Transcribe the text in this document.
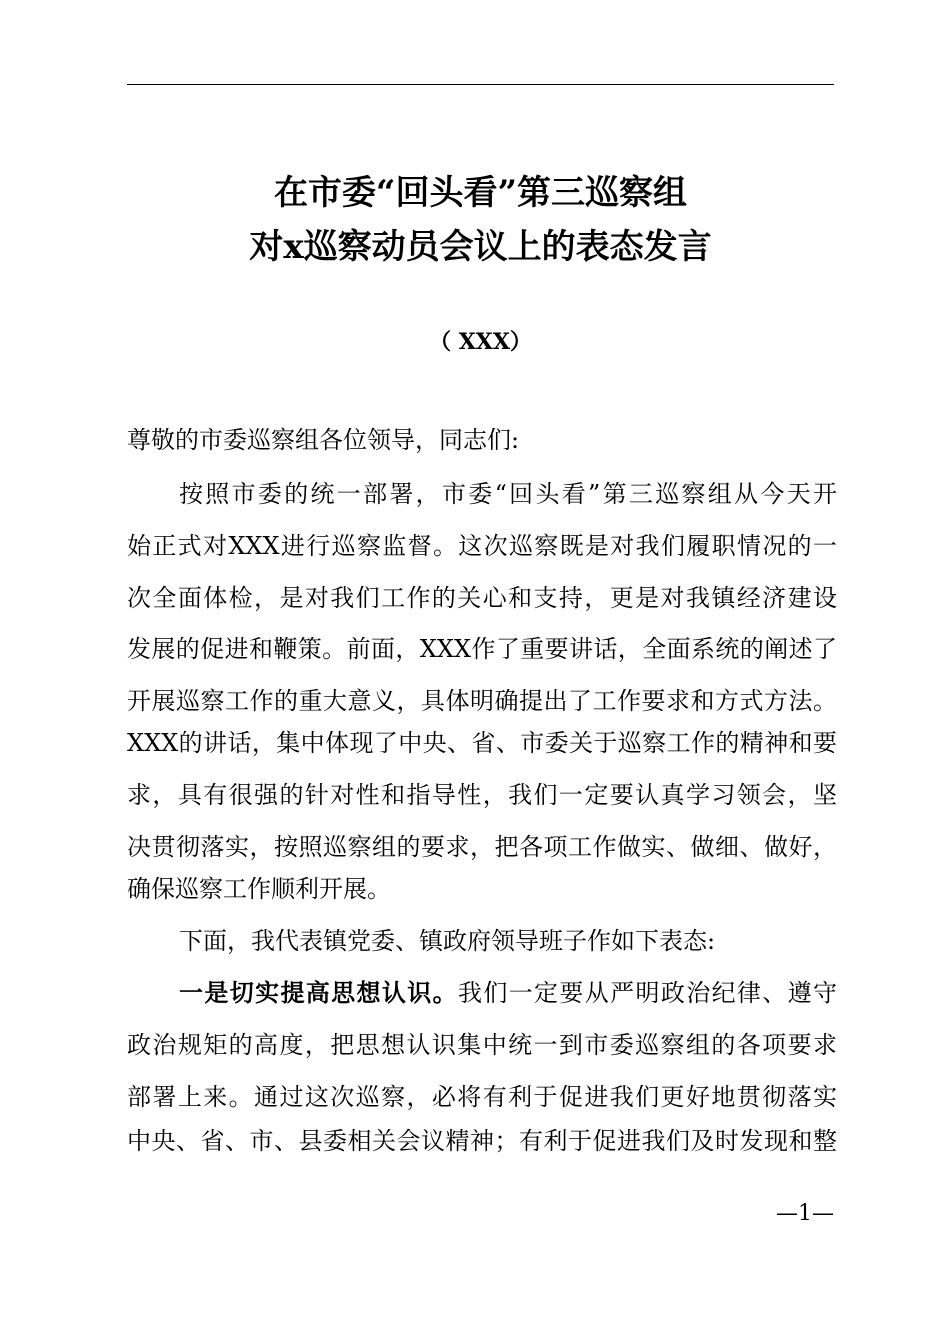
在市委“回头看”第三巡察组
对x巡察动员会议上的表态发言
（ XXX）
尊敬的市委巡察组各位领导，同志们:
按照市委的统一部署，市委“回头看”第三巡察组从今天开
始正式对XXX进行巡察监督。这次巡察既是对我们履职情况的一
次全面体检，是对我们工作的关心和支持，更是对我镇经济建设
发展的促进和鞭策。前面，XXX作了重要讲话，全面系统的阐述了
开展巡察工作的重大意义，具体明确提出了工作要求和方式方法。
XXX的讲话，集中体现了中央、省、市委关于巡察工作的精神和要
求，具有很强的针对性和指导性，我们一定要认真学习领会，坚
决贯彻落实，按照巡察组的要求，把各项工作做实、做细、做好，
确保巡察工作顺利开展。
下面，我代表镇党委、镇政府领导班子作如下表态:
一是切实提高思想认识。我们一定要从严明政治纪律、遵守
政治规矩的高度，把思想认识集中统一到市委巡察组的各项要求
部署上来。通过这次巡察，必将有利于促进我们更好地贯彻落实
中央、省、市、县委相关会议精神；有利于促进我们及时发现和整
—1—
